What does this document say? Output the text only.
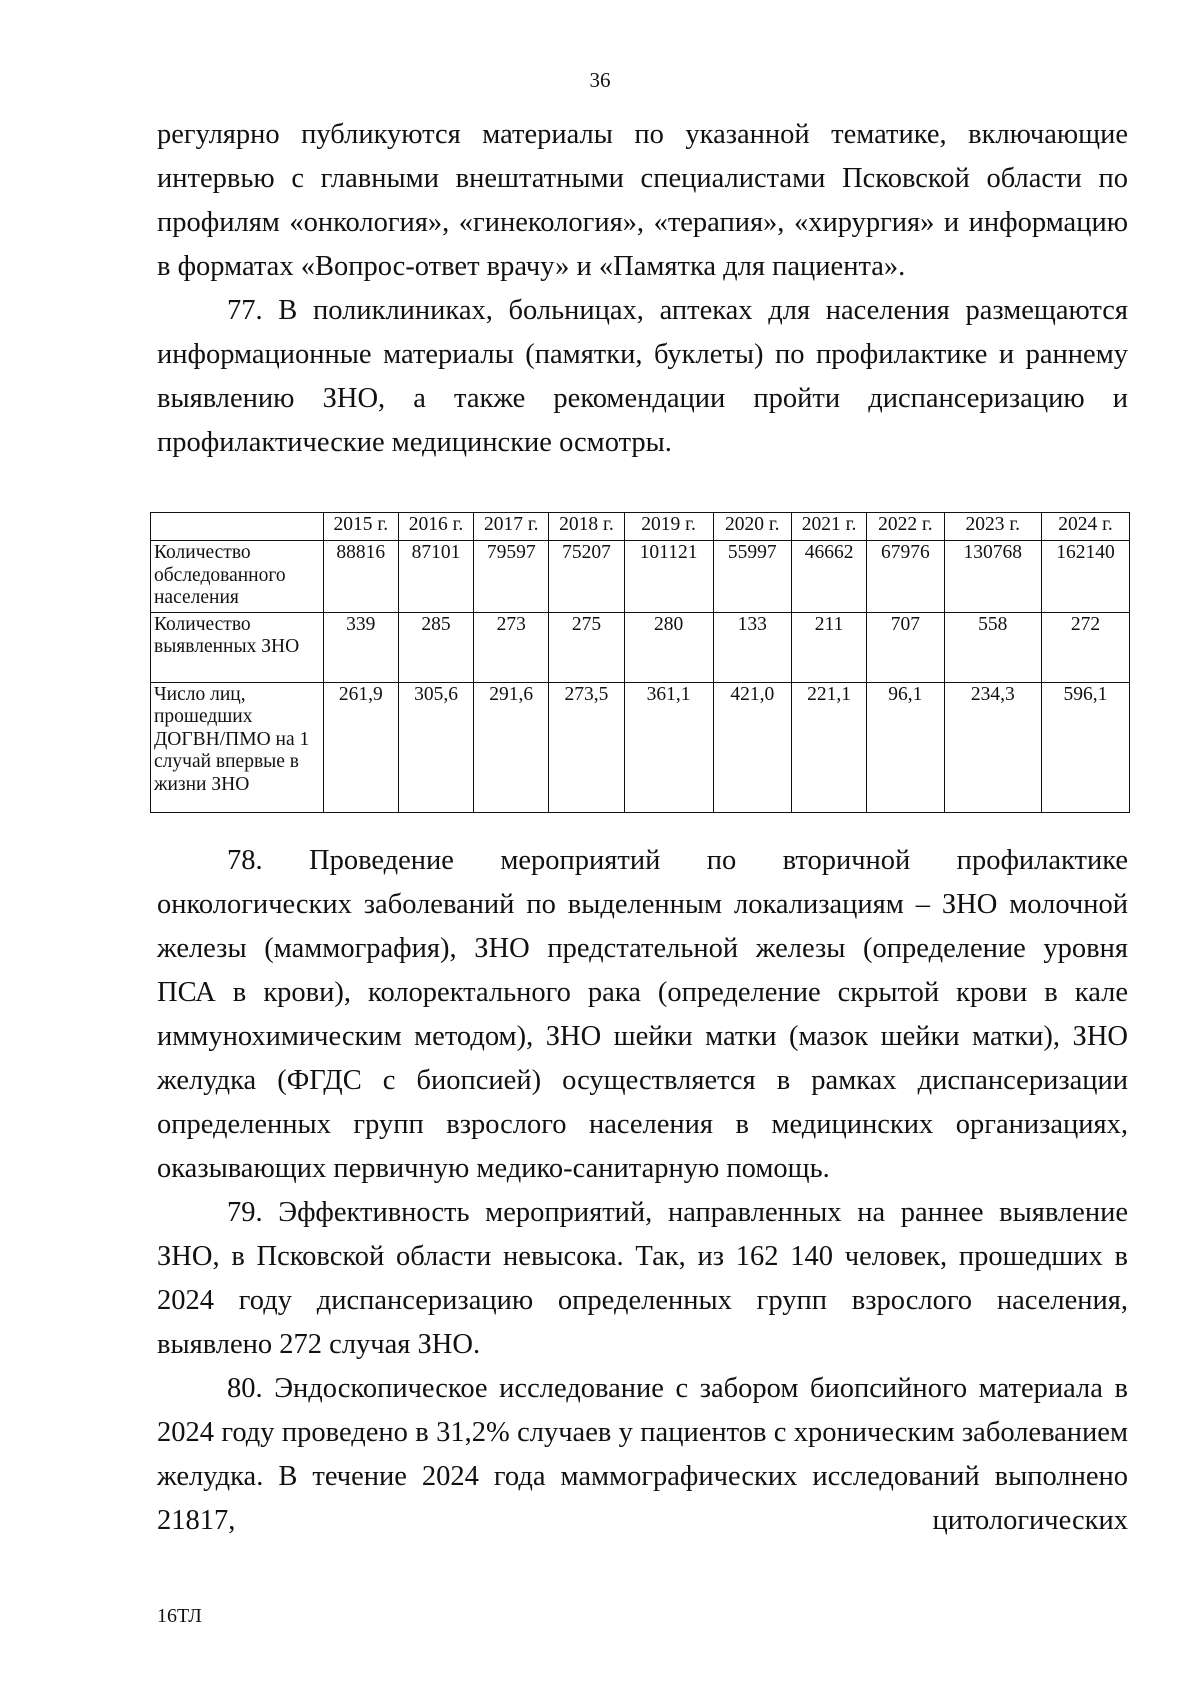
36

регулярно публикуются материалы по указанной тематике, включающие интервью с главными внештатными специалистами Псковской области по профилям «онкология», «гинекология», «терапия», «хирургия» и информацию в форматах «Вопрос-ответ врачу» и «Памятка для пациента».

77. В поликлиниках, больницах, аптеках для населения размещаются информационные материалы (памятки, буклеты) по профилактике и раннему выявлению ЗНО, а также рекомендации пройти диспансеризацию и профилактические медицинские осмотры.

	2015 г.	2016 г.	2017 г.	2018 г.	2019 г.	2020 г.	2021 г.	2022 г.	2023 г.	2024 г.
Количество обследованного населения	88816	87101	79597	75207	101121	55997	46662	67976	130768	162140
Количество выявленных ЗНО	339	285	273	275	280	133	211	707	558	272
Число лиц, прошедших ДОГВН/ПМО на 1 случай впервые в жизни ЗНО	261,9	305,6	291,6	273,5	361,1	421,0	221,1	96,1	234,3	596,1

78. Проведение мероприятий по вторичной профилактике онкологических заболеваний по выделенным локализациям – ЗНО молочной железы (маммография), ЗНО предстательной железы (определение уровня ПСА в крови), колоректального рака (определение скрытой крови в кале иммунохимическим методом), ЗНО шейки матки (мазок шейки матки), ЗНО желудка (ФГДС с биопсией) осуществляется в рамках диспансеризации определенных групп взрослого населения в медицинских организациях, оказывающих первичную медико-санитарную помощь.

79. Эффективность мероприятий, направленных на раннее выявление ЗНО, в Псковской области невысока. Так, из 162 140 человек, прошедших в 2024 году диспансеризацию определенных групп взрослого населения, выявлено 272 случая ЗНО.

80. Эндоскопическое исследование с забором биопсийного материала в 2024 году проведено в 31,2% случаев у пациентов с хроническим заболеванием желудка. В течение 2024 года маммографических исследований выполнено 21817, цитологических

16ТЛ
